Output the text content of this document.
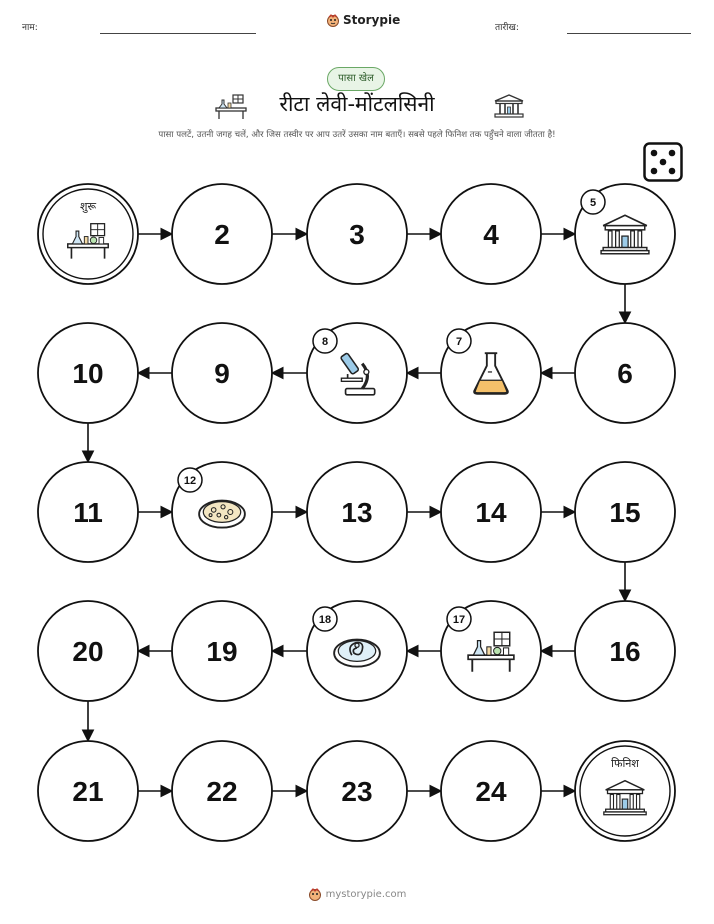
नाम:
Storypie
तारीख:
पासा खेल
रीटा लेवी-मोंटलसिनी
पासा पलटें, उतनी जगह चलें, और जिस तस्वीर पर आप उतरें उसका नाम बताएँ। सबसे पहले फिनिश तक पहुँचने वाला जीतता है!
शुरू
2	3	4
5
6
7
8
9
10
11
12
13	14	15
16
17
18
19
20
21	22	23	24
फिनिश
mystorypie.com
